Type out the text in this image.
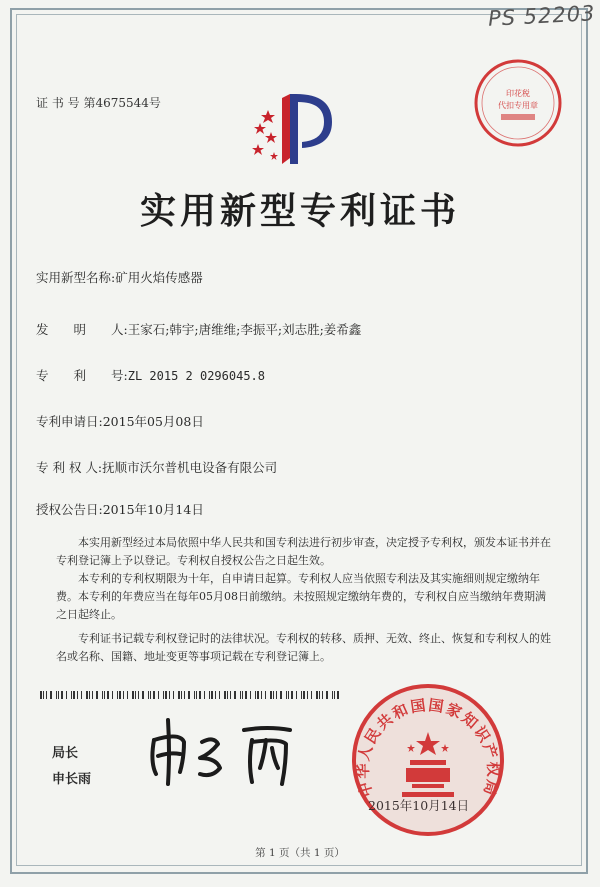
PS 52203
证 书 号 第4675544号
印花税
代扣专用章
实用新型专利证书
实用新型名称:矿用火焰传感器
发　　明　　人:王家石;韩宇;唐维维;李振平;刘志胜;姜希鑫
专　　利　　号:ZL 2015 2 0296045.8
专利申请日:2015年05月08日
专 利 权 人:抚顺市沃尔普机电设备有限公司
授权公告日:2015年10月14日

本实用新型经过本局依照中华人民共和国专利法进行初步审查，决定授予专利权，颁发本证书并在专利登记簿上予以登记。专利权自授权公告之日起生效。

本专利的专利权期限为十年，自申请日起算。专利权人应当依照专利法及其实施细则规定缴纳年费。本专利的年费应当在每年05月08日前缴纳。未按照规定缴纳年费的，专利权自应当缴纳年费期满之日起终止。

专利证书记载专利权登记时的法律状况。专利权的转移、质押、无效、终止、恢复和专利权人的姓名或名称、国籍、地址变更等事项记载在专利登记簿上。

局长
申长雨	中华人民共和国国家知识产权局
2015年10月14日
第 1 页（共 1 页）
